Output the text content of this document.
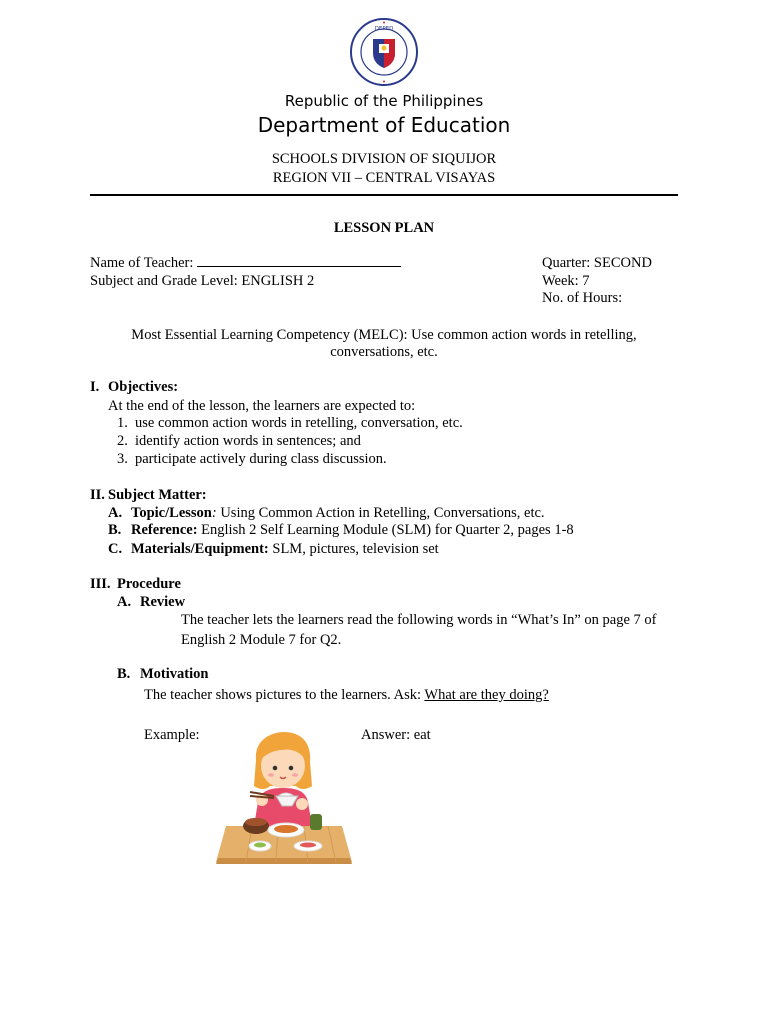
DEPED
Republic of the Philippines
Department of Education
SCHOOLS DIVISION OF SIQUIJOR
REGION VII – CENTRAL VISAYAS
LESSON PLAN
Name of Teacher:
Subject and Grade Level: ENGLISH 2
Quarter: SECOND
Week: 7
No. of Hours:
Most Essential Learning Competency (MELC): Use common action words in retelling,
conversations, etc.
I. Objectives:
At the end of the lesson, the learners are expected to:
1. use common action words in retelling, conversation, etc.
2. identify action words in sentences; and
3. participate actively during class discussion.
II. Subject Matter:
A. Topic/Lesson: Using Common Action in Retelling, Conversations, etc.
B. Reference: English 2 Self Learning Module (SLM) for Quarter 2, pages 1-8
C. Materials/Equipment: SLM, pictures, television set
III. Procedure
A. Review
The teacher lets the learners read the following words in “What’s In” on page 7 of
English 2 Module 7 for Q2.
B. Motivation
The teacher shows pictures to the learners. Ask: What are they doing?
Example:	Answer: eat
